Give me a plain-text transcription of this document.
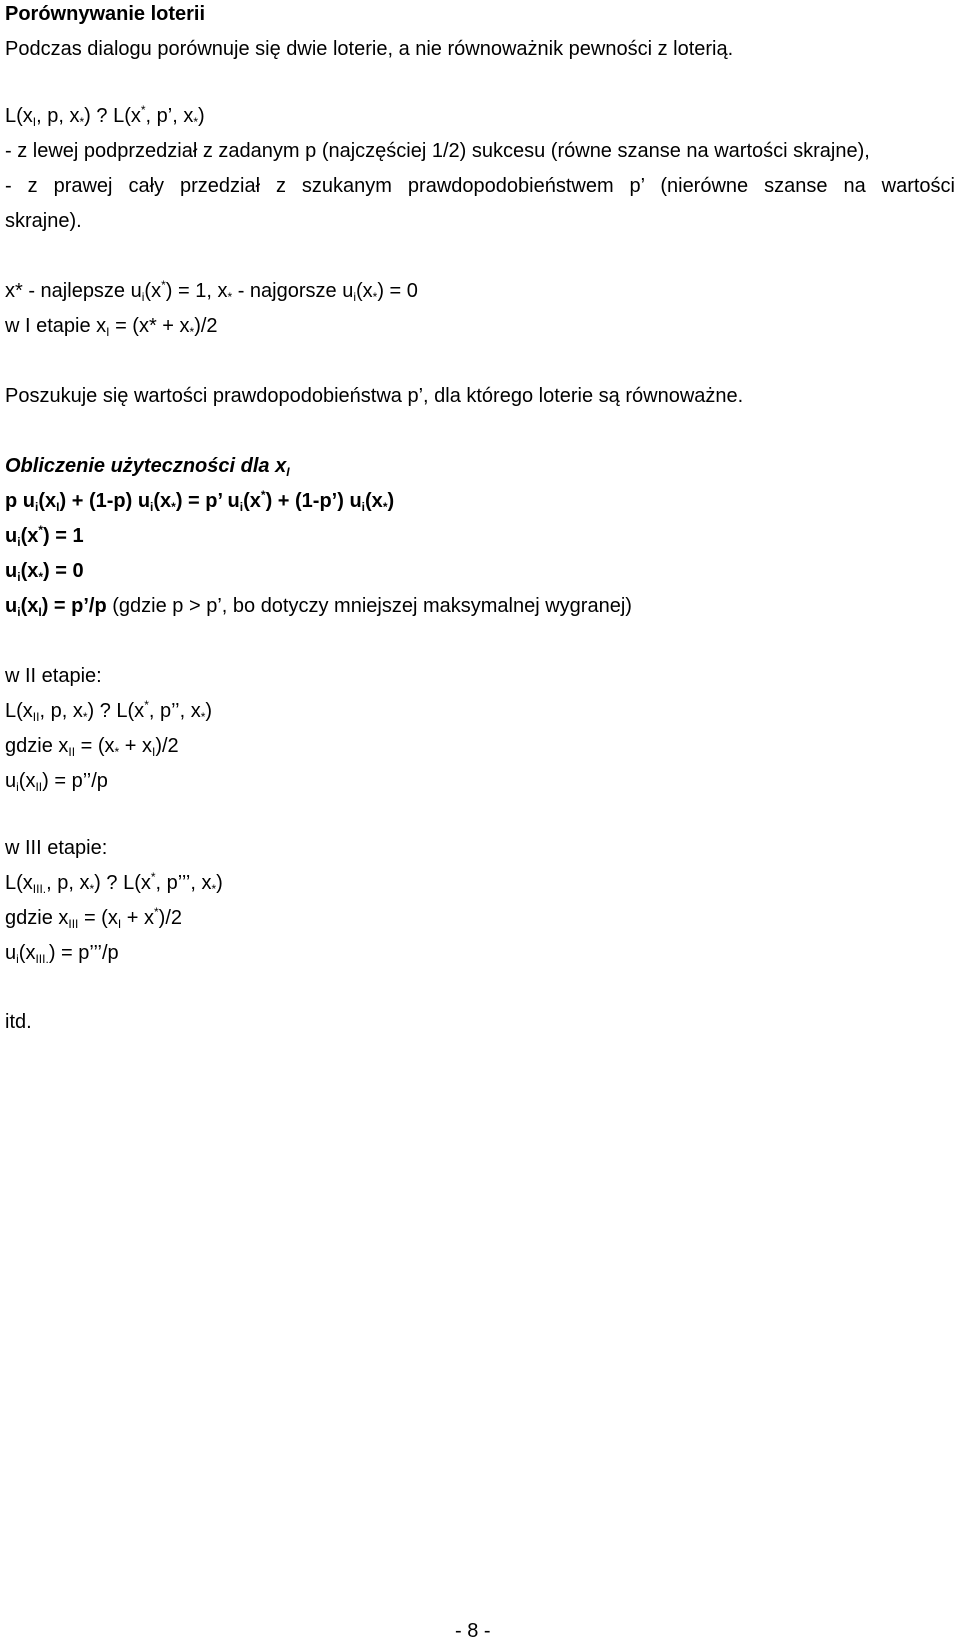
Porównywanie loterii
Podczas dialogu porównuje się dwie loterie, a nie równoważnik pewności z loterią.
$L(x_I$, p, $x_*$) ? L(x*, p’, $x_*$)
- z lewej podprzedział z zadanym p (najczęściej 1/2) sukcesu (równe szanse na wartości skrajne),
- z prawej cały przedział z szukanym prawdopodobieństwem p’ (nierówne szanse na wartości
skrajne).
x* - najlepsze $u_i(x^*) = 1$, $x_*$ - najgorsze $u_i(x_*) = 0$
w I etapie $x_I = (x* + x_*)/2$
Poszukuje się wartości prawdopodobieństwa p’, dla którego loterie są równoważne.
Obliczenie użyteczności dla $x_I$
p $u_i(x_I) + (1-p) u_i(x_*) = p$’ $u_i(x^*)$ + (1-p’) $u_i(x_*)$
$u_i(x^*) = 1$
$u_i(x_*) = 0$
$u_i(x_I)$ = p’/p (gdzie p > p’, bo dotyczy mniejszej maksymalnej wygranej)
w II etapie:
$L(x_{II}$, p, $x_*$) ? L(x*, p’’, $x_*$)
gdzie $x_{II} = (x_* + x_I)/2$
$u_i(x_{II})$ = p’’/p
w III etapie:
$L(x_{III.}$, p, $x_*$) ? L(x*, p’’’, $x_*$)
gdzie $x_{III} = (x_I + x^*)/2$
$u_i(x_{III.})$ = p’’’/p
itd.
- 8 -
